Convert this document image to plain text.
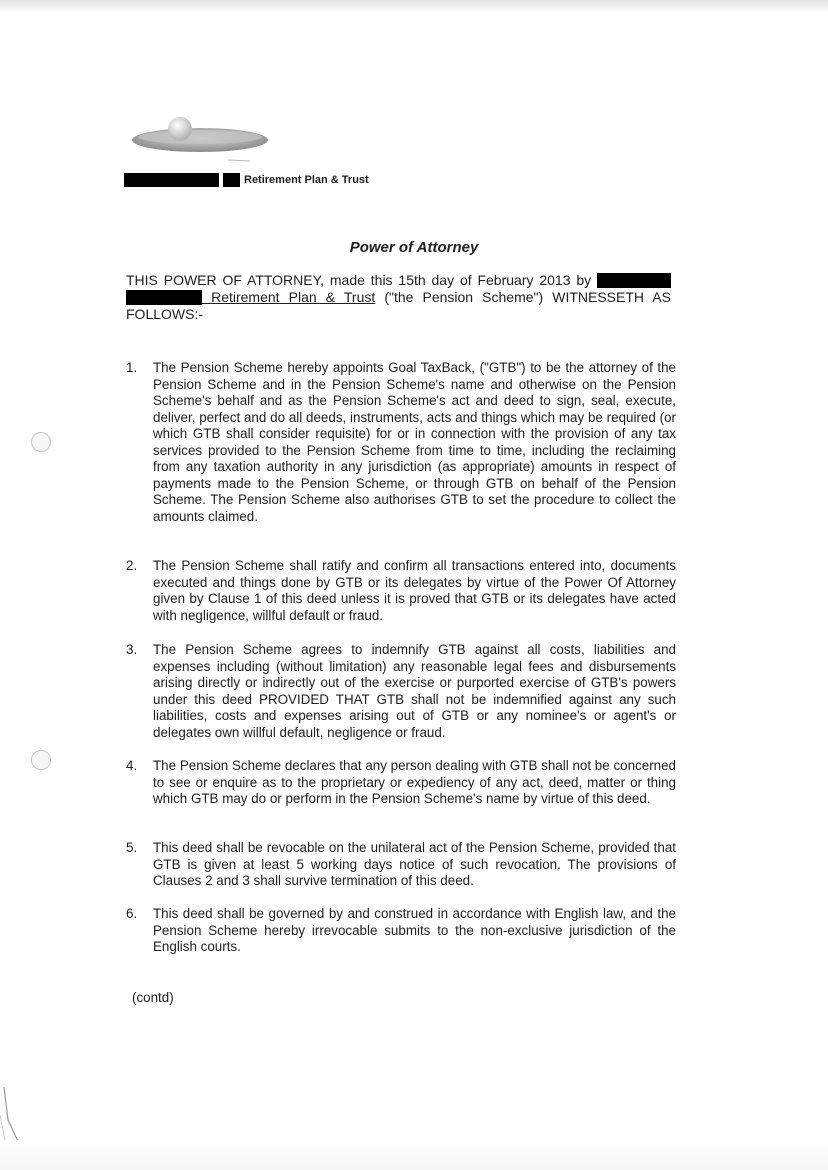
Retirement Plan & Trust
Power of Attorney
THIS POWER OF ATTORNEY, made this 15th day of February 2013 by   Retirement Plan & Trust ("the Pension Scheme") WITNESSETH AS FOLLOWS:-
1.	The Pension Scheme hereby appoints Goal TaxBack, ("GTB") to be the attorney of the Pension Scheme and in the Pension Scheme's name and otherwise on the Pension Scheme's behalf and as the Pension Scheme's act and deed to sign, seal, execute, deliver, perfect and do all deeds, instruments, acts and things which may be required (or which GTB shall consider requisite) for or in connection with the provision of any tax services provided to the Pension Scheme from time to time, including the reclaiming from any taxation authority in any jurisdiction (as appropriate) amounts in respect of payments made to the Pension Scheme, or through GTB on behalf of the Pension Scheme. The Pension Scheme also authorises GTB to set the procedure to collect the amounts claimed.
2.	The Pension Scheme shall ratify and confirm all transactions entered into, documents executed and things done by GTB or its delegates by virtue of the Power Of Attorney given by Clause 1 of this deed unless it is proved that GTB or its delegates have acted with negligence, willful default or fraud.
3.	The Pension Scheme agrees to indemnify GTB against all costs, liabilities and expenses including (without limitation) any reasonable legal fees and disbursements arising directly or indirectly out of the exercise or purported exercise of GTB's powers under this deed PROVIDED THAT GTB shall not be indemnified against any such liabilities, costs and expenses arising out of GTB or any nominee's or agent's or delegates own willful default, negligence or fraud.
4.	The Pension Scheme declares that any person dealing with GTB shall not be concerned to see or enquire as to the proprietary or expediency of any act, deed, matter or thing which GTB may do or perform in the Pension Scheme's name by virtue of this deed.
5.	This deed shall be revocable on the unilateral act of the Pension Scheme, provided that GTB is given at least 5 working days notice of such revocation. The provisions of Clauses 2 and 3 shall survive termination of this deed.
6.	This deed shall be governed by and construed in accordance with English law, and the Pension Scheme hereby irrevocable submits to the non-exclusive jurisdiction of the English courts.
(contd)
